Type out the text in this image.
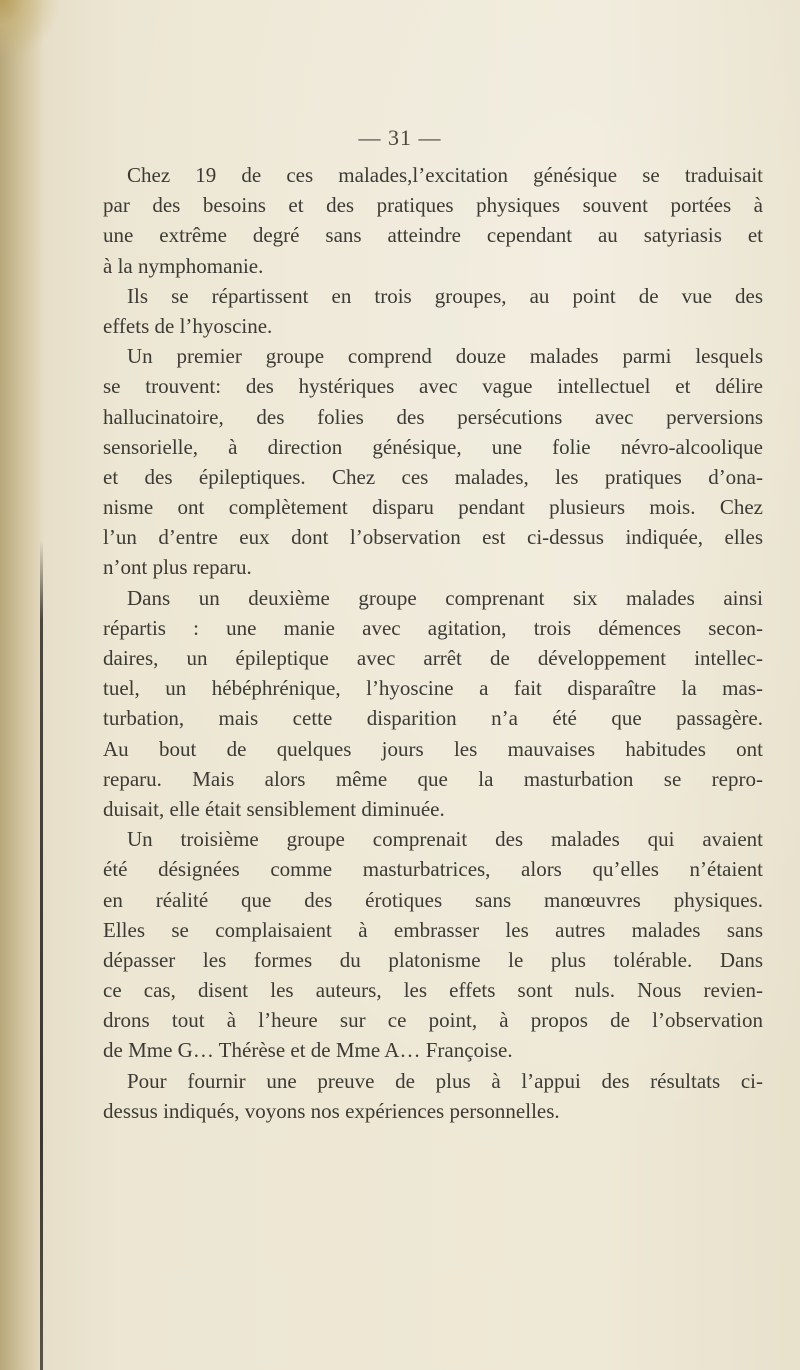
— 31 —
Chez 19 de ces malades,l’excitation génésique se traduisait
par des besoins et des pratiques physiques souvent portées à
une extrême degré sans atteindre cependant au satyriasis et
à la nymphomanie.
Ils se répartissent en trois groupes, au point de vue des
effets de l’hyoscine.
Un premier groupe comprend douze malades parmi lesquels
se trouvent: des hystériques avec vague intellectuel et délire
hallucinatoire, des folies des persécutions avec perversions
sensorielle, à direction génésique, une folie névro-alcoolique
et des épileptiques. Chez ces malades, les pratiques d’ona-
nisme ont complètement disparu pendant plusieurs mois. Chez
l’un d’entre eux dont l’observation est ci-dessus indiquée, elles
n’ont plus reparu.
Dans un deuxième groupe comprenant six malades ainsi
répartis : une manie avec agitation, trois démences secon-
daires, un épileptique avec arrêt de développement intellec-
tuel, un hébéphrénique, l’hyoscine a fait disparaître la mas-
turbation, mais cette disparition n’a été que passagère.
Au bout de quelques jours les mauvaises habitudes ont
reparu. Mais alors même que la masturbation se repro-
duisait, elle était sensiblement diminuée.
Un troisième groupe comprenait des malades qui avaient
été désignées comme masturbatrices, alors qu’elles n’étaient
en réalité que des érotiques sans manœuvres physiques.
Elles se complaisaient à embrasser les autres malades sans
dépasser les formes du platonisme le plus tolérable. Dans
ce cas, disent les auteurs, les effets sont nuls. Nous revien-
drons tout à l’heure sur ce point, à propos de l’observation
de Mme G… Thérèse et de Mme A… Françoise.
Pour fournir une preuve de plus à l’appui des résultats ci-
dessus indiqués, voyons nos expériences personnelles.
